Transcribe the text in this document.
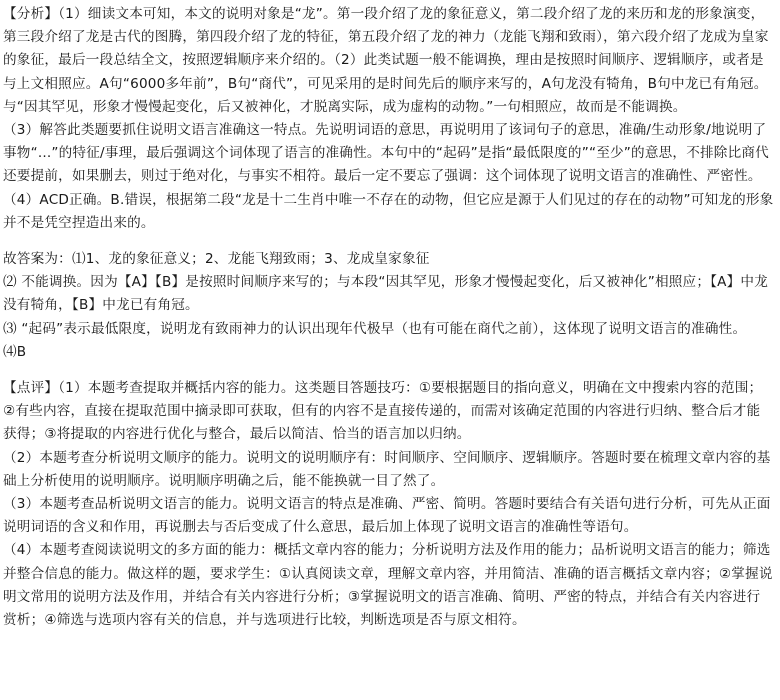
【分析】（1）细读文本可知，本文的说明对象是“龙”。第一段介绍了龙的象征意义，第二段介绍了龙的来历和龙的形象演变，第三段介绍了龙是古代的图腾，第四段介绍了龙的特征，第五段介绍了龙的神力（龙能飞翔和致雨），第六段介绍了龙成为皇家的象征，最后一段总结全文，按照逻辑顺序来介绍的。（2）此类试题一般不能调换，理由是按照时间顺序、逻辑顺序，或者是与上文相照应。A句“6000多年前”，B句“商代”，可见采用的是时间先后的顺序来写的，A句龙没有犄角，B句中龙已有角冠。与“因其罕见，形象才慢慢起变化，后又被神化，才脱离实际，成为虚构的动物。”一句相照应，故而是不能调换。

（3）解答此类题要抓住说明文语言准确这一特点。先说明词语的意思，再说明用了该词句子的意思，准确/生动形象/地说明了事物“...”的特征/事理，最后强调这个词体现了语言的准确性。本句中的“起码”是指“最低限度的”“至少”的意思，不排除比商代还要提前，如果删去，则过于绝对化，与事实不相符。最后一定不要忘了强调：这个词体现了说明文语言的准确性、严密性。

（4）ACD正确。B.错误，根据第二段“龙是十二生肖中唯一不存在的动物，但它应是源于人们见过的存在的动物”可知龙的形象并不是凭空捏造出来的。

故答案为：⑴1、龙的象征意义；2、龙能飞翔致雨；3、龙成皇家象征

⑵ 不能调换。因为【A】【B】是按照时间顺序来写的；与本段“因其罕见，形象才慢慢起变化，后又被神化”相照应；【A】中龙没有犄角，【B】中龙已有角冠。

⑶ “起码”表示最低限度，说明龙有致雨神力的认识出现年代极早（也有可能在商代之前），这体现了说明文语言的准确性。

⑷B

【点评】（1）本题考查提取并概括内容的能力。这类题目答题技巧：①要根据题目的指向意义，明确在文中搜索内容的范围；②有些内容，直接在提取范围中摘录即可获取，但有的内容不是直接传递的，而需对该确定范围的内容进行归纳、整合后才能获得；③将提取的内容进行优化与整合，最后以简洁、恰当的语言加以归纳。

（2）本题考查分析说明文顺序的能力。说明文的说明顺序有：时间顺序、空间顺序、逻辑顺序。答题时要在梳理文章内容的基础上分析使用的说明顺序。说明顺序明确之后，能不能换就一目了然了。

（3）本题考查品析说明文语言的能力。说明文语言的特点是准确、严密、简明。答题时要结合有关语句进行分析，可先从正面说明词语的含义和作用，再说删去与否后变成了什么意思，最后加上体现了说明文语言的准确性等语句。

（4）本题考查阅读说明文的多方面的能力：概括文章内容的能力；分析说明方法及作用的能力；品析说明文语言的能力；筛选并整合信息的能力。做这样的题，要求学生：①认真阅读文章，理解文章内容，并用简洁、准确的语言概括文章内容；②掌握说明文常用的说明方法及作用，并结合有关内容进行分析；③掌握说明文的语言准确、简明、严密的特点，并结合有关内容进行赏析；④筛选与选项内容有关的信息，并与选项进行比较，判断选项是否与原文相符。
